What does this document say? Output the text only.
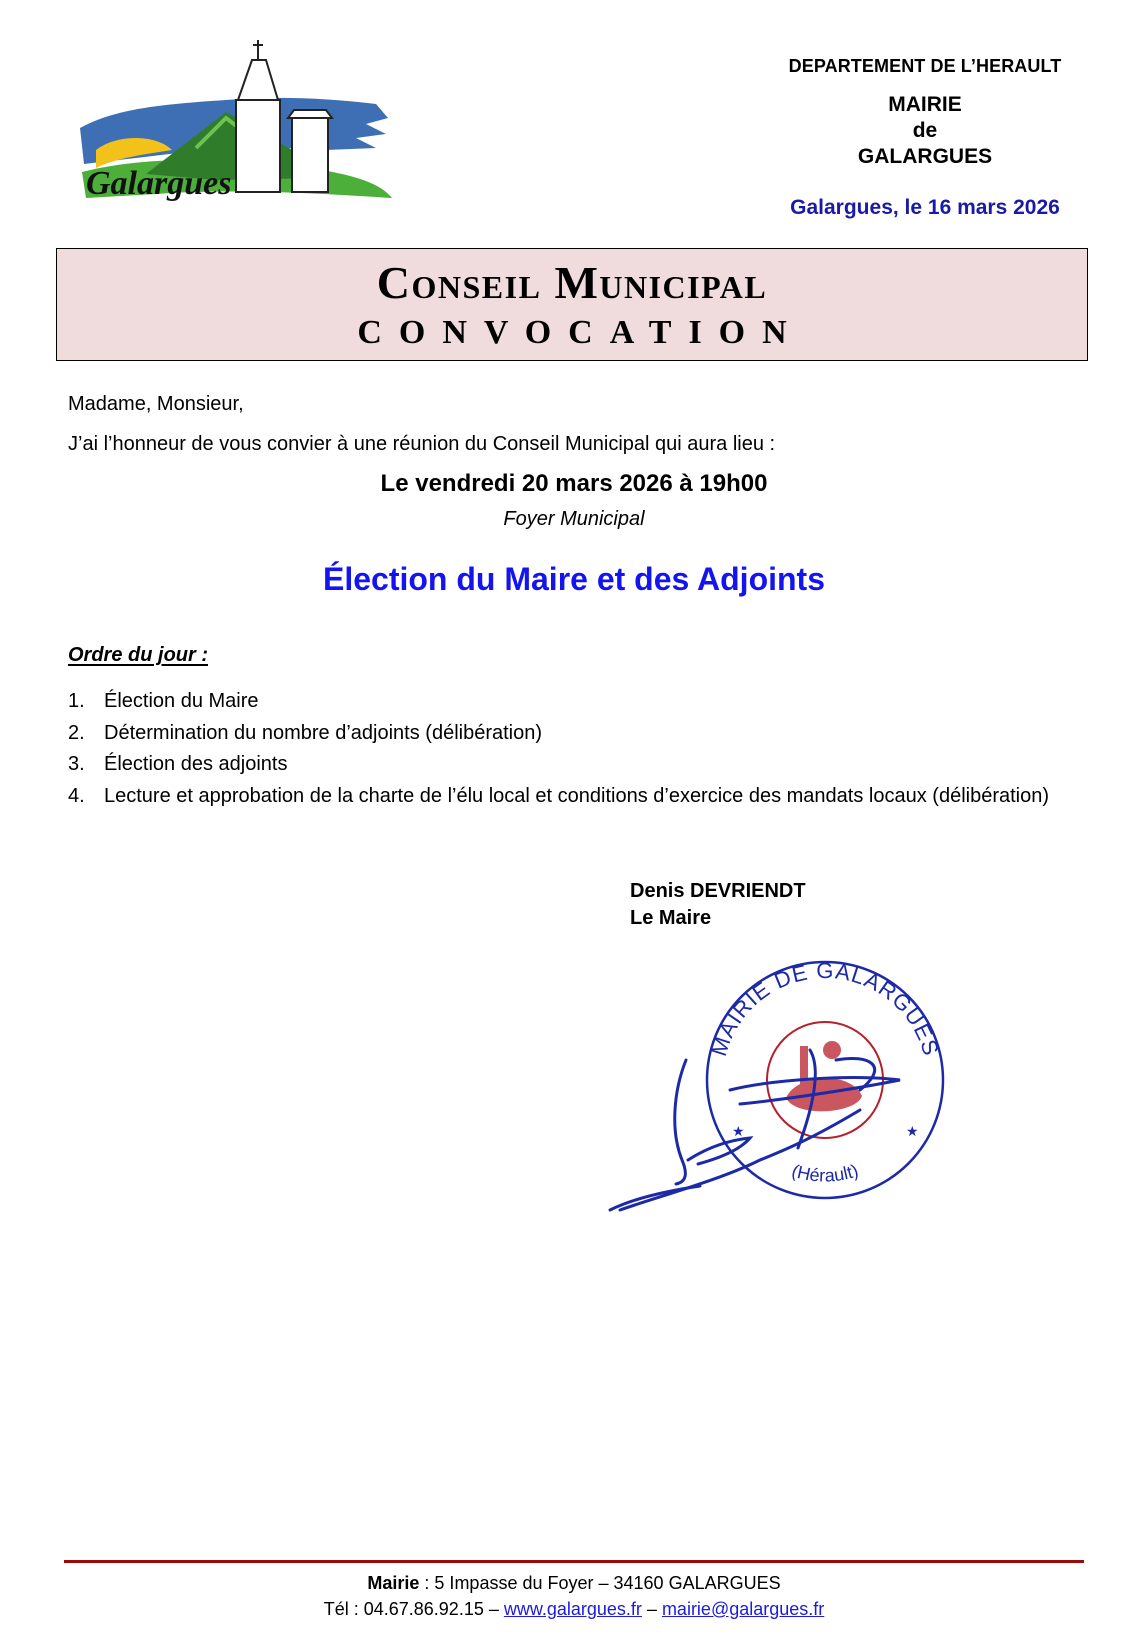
Galargues
DEPARTEMENT DE L’HERAULT
MAIRIE
de
GALARGUES
Galargues, le 16 mars 2026
Conseil Municipal
CONVOCATION
Madame, Monsieur,
J’ai l’honneur de vous convier à une réunion du Conseil Municipal qui aura lieu :
Le vendredi 20 mars 2026 à 19h00
Foyer Municipal
Élection du Maire et des Adjoints
Ordre du jour :
1. Élection du Maire
2. Détermination du nombre d’adjoints (délibération)
3. Élection des adjoints
4. Lecture et approbation de la charte de l’élu local et conditions d’exercice des mandats locaux (délibération)
Denis DEVRIENDT
Le Maire
MAIRIE DE GALARGUES
(Hérault)
★	★
Mairie : 5 Impasse du Foyer – 34160 GALARGUES
Tél : 04.67.86.92.15 – www.galargues.fr – mairie@galargues.fr
